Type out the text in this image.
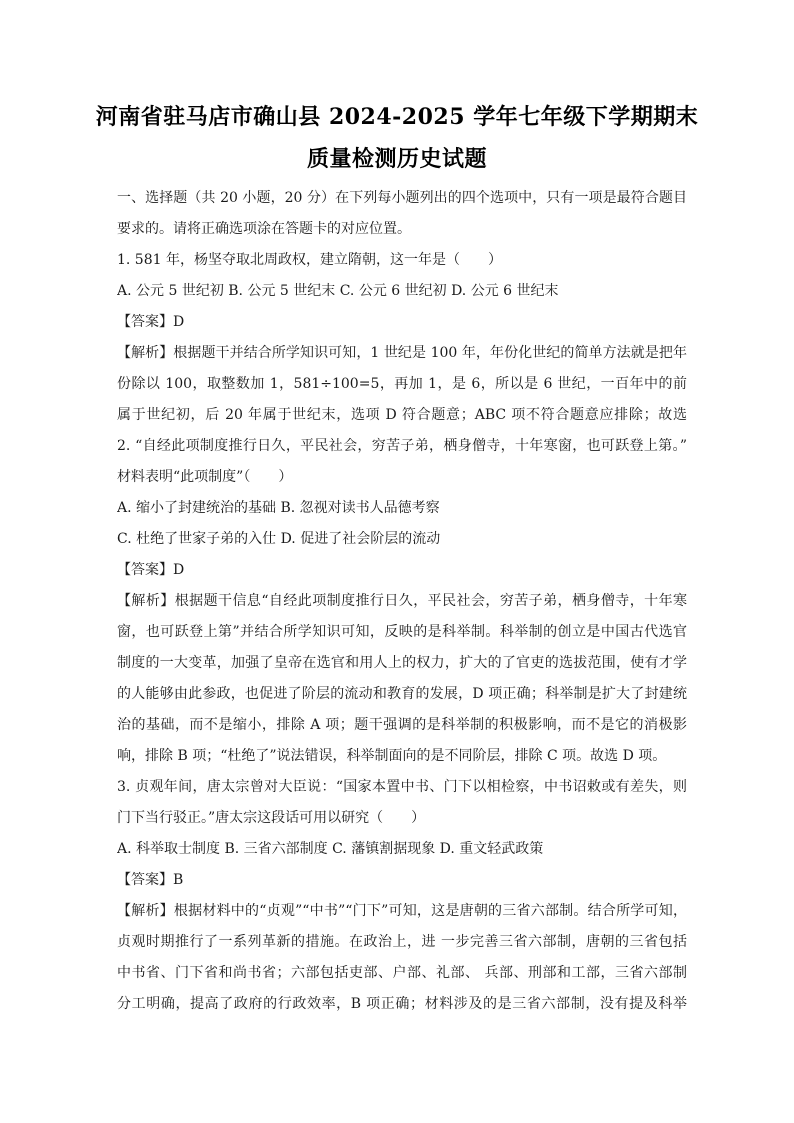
河南省驻马店市确山县 2024-2025 学年七年级下学期期末
质量检测历史试题
一、选择题（共 20 小题，20 分）在下列每小题列出的四个选项中，只有一项是最符合题目
要求的。请将正确选项涂在答题卡的对应位置。
1. 581 年，杨坚夺取北周政权，建立隋朝，这一年是（　　）
A. 公元 5 世纪初 B. 公元 5 世纪末 C. 公元 6 世纪初 D. 公元 6 世纪末
【答案】D
【解析】根据题干并结合所学知识可知，1 世纪是 100 年，年份化世纪的简单方法就是把年
份除以 100，取整数加 1，581÷100=5，再加 1，是 6，所以是 6 世纪，一百年中的前
属于世纪初，后 20 年属于世纪末，选项 D 符合题意；ABC 项不符合题意应排除；故选
2. “自经此项制度推行日久，平民社会，穷苦子弟，栖身僧寺，十年寒窗，也可跃登上第。”
材料表明“此项制度”（　　）
A. 缩小了封建统治的基础 B. 忽视对读书人品德考察
C. 杜绝了世家子弟的入仕 D. 促进了社会阶层的流动
【答案】D
【解析】根据题干信息“自经此项制度推行日久，平民社会，穷苦子弟，栖身僧寺，十年寒
窗，也可跃登上第”并结合所学知识可知，反映的是科举制。科举制的创立是中国古代选官
制度的一大变革，加强了皇帝在选官和用人上的权力，扩大的了官吏的选拔范围，使有才学
的人能够由此参政，也促进了阶层的流动和教育的发展，D 项正确；科举制是扩大了封建统
治的基础，而不是缩小，排除 A 项；题干强调的是科举制的积极影响，而不是它的消极影
响，排除 B 项；“杜绝了”说法错误，科举制面向的是不同阶层，排除 C 项。故选 D 项。
3. 贞观年间，唐太宗曾对大臣说：“国家本置中书、门下以相检察，中书诏敕或有差失，则
门下当行驳正。”唐太宗这段话可用以研究（　　）
A. 科举取士制度 B. 三省六部制度 C. 藩镇割据现象 D. 重文轻武政策
【答案】B
【解析】根据材料中的“贞观”“中书”“门下”可知，这是唐朝的三省六部制。结合所学可知，
贞观时期推行了一系列革新的措施。在政治上，进 一步完善三省六部制，唐朝的三省包括
中书省、门下省和尚书省；六部包括吏部、户部、礼部、 兵部、刑部和工部，三省六部制
分工明确，提高了政府的行政效率，B 项正确；材料涉及的是三省六部制，没有提及科举
